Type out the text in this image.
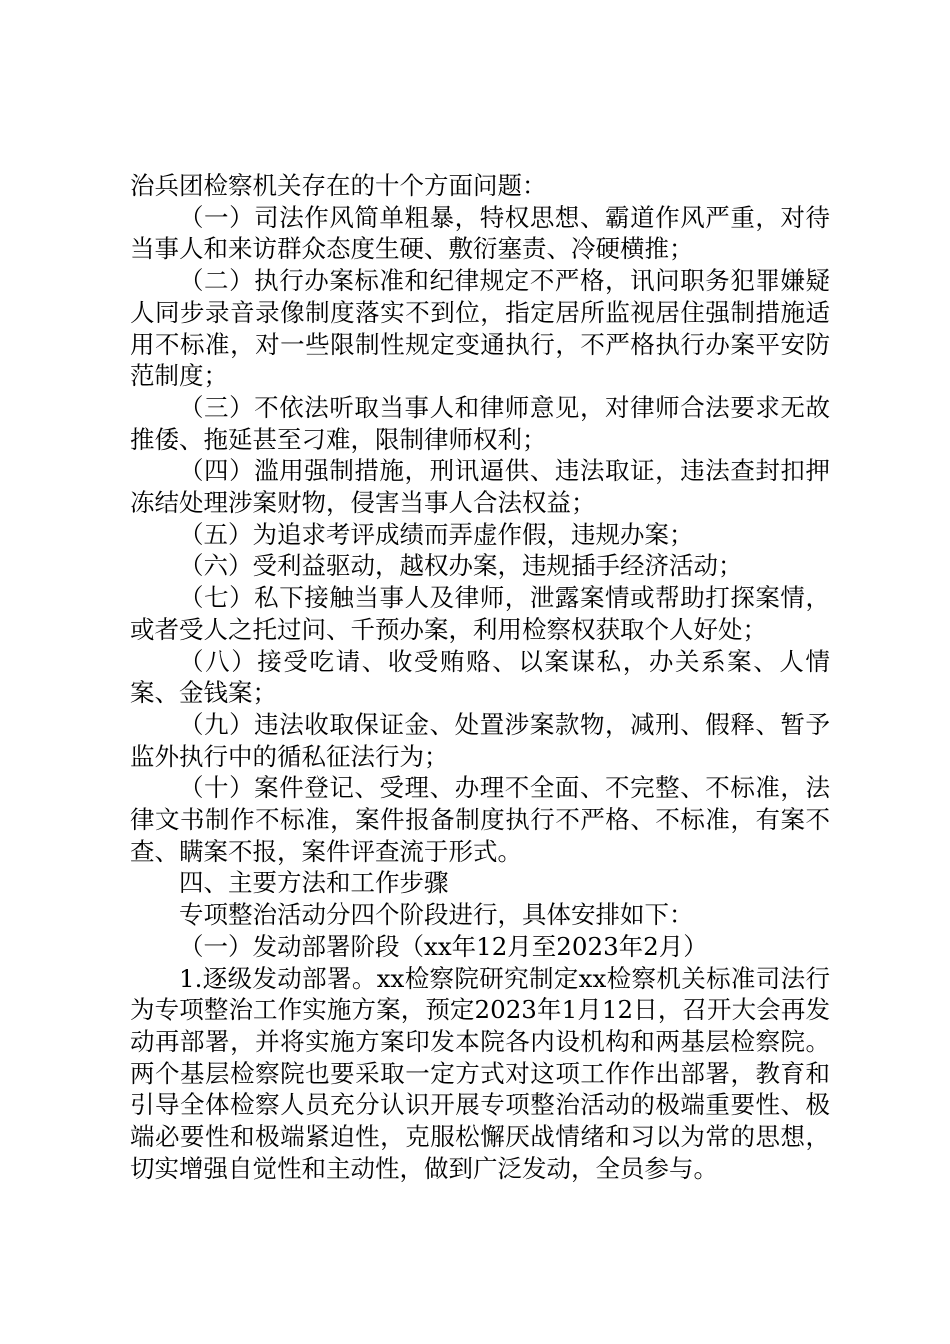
治兵团检察机关存在的十个方面问题：

（一）司法作风简单粗暴，特权思想、霸道作风严重，对待当事人和来访群众态度生硬、敷衍塞责、冷硬横推；

（二）执行办案标准和纪律规定不严格，讯问职务犯罪嫌疑人同步录音录像制度落实不到位，指定居所监视居住强制措施适用不标准，对一些限制性规定变通执行，不严格执行办案平安防范制度；

（三）不依法听取当事人和律师意见，对律师合法要求无故推倭、拖延甚至刁难，限制律师权利；

（四）滥用强制措施，刑讯逼供、违法取证，违法查封扣押冻结处理涉案财物，侵害当事人合法权益；

（五）为追求考评成绩而弄虚作假，违规办案；

（六）受利益驱动，越权办案，违规插手经济活动；

（七）私下接触当事人及律师，泄露案情或帮助打探案情，或者受人之托过问、千预办案，利用检察权获取个人好处；

（八）接受吃请、收受贿赂、以案谋私，办关系案、人情案、金钱案；

（九）违法收取保证金、处置涉案款物，减刑、假释、暂予监外执行中的循私征法行为；

（十）案件登记、受理、办理不全面、不完整、不标准，法律文书制作不标准，案件报备制度执行不严格、不标准，有案不查、瞒案不报，案件评查流于形式。

四、主要方法和工作步骤

专项整治活动分四个阶段进行，具体安排如下：

（一）发动部署阶段（xx年12月至2023年2月）

1.逐级发动部署。xx检察院研究制定xx检察机关标准司法行为专项整治工作实施方案，预定2023年1月12日，召开大会再发动再部署，并将实施方案印发本院各内设机构和两基层检察院。两个基层检察院也要采取一定方式对这项工作作出部署，教育和引导全体检察人员充分认识开展专项整治活动的极端重要性、极端必要性和极端紧迫性，克服松懈厌战情绪和习以为常的思想，切实增强自觉性和主动性，做到广泛发动，全员参与。
